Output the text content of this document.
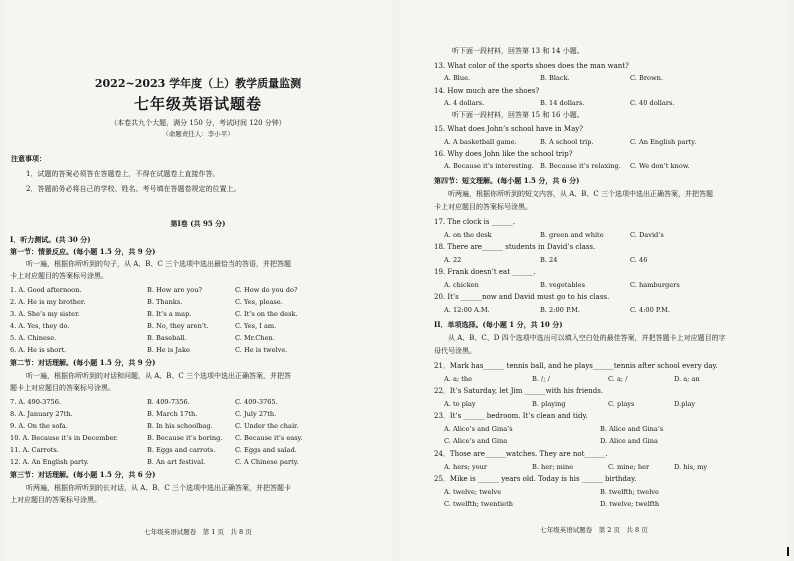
2022~2023 学年度（上）教学质量监测
七年级英语试题卷
（本卷共九个大题，满分 150 分，考试时间 120 分钟）
（命题责任人：李小平）
注意事项：
1．试题的答案必须答在答题卷上，不得在试题卷上直接作答。
2．答题前务必将自己的学校、姓名、考号填在答题卷规定的位置上。
第Ⅰ卷 (共 95 分)
I．听力测试。(共 30 分)
第一节：情景反应。(每小题 1.5 分，共 9 分)
听一遍，根据你所听到的句子，从 A、B、C 三个选项中选出最恰当的答语，并把答题
卡上对应题目的答案标号涂黑。
1. A. Good afternoon.	B. How are you?	C. How do you do?
2. A. He is my brother.	B. Thanks.	C. Yes, please.
3. A. She’s my sister.	B. It’s a map.	C. It’s on the desk.
4. A. Yes, they do.	B. No, they aren’t.	C. Yes, I am.
5. A. Chinese.	B. Baseball.	C. Mr.Chen.
6. A. He is short.	B. He is Jake	C. He is twelve.
第二节：对话理解。(每小题 1.5 分，共 9 分)
听一遍，根据你所听到的对话和问题，从 A、B、C 三个选项中选出正确答案，并把答
题卡上对应题目的答案标号涂黑。
7. A. 490-3756.	B. 409-7356.	C. 409-3765.
8. A. January 27th.	B. March 17th.	C. July 27th.
9. A. On the sofa.	B. In his schoolbag.	C. Under the chair.
10. A. Because it’s in December.	B. Because it’s boring. C. Because it’s easy.
11. A. Carrots.	B. Eggs and carrots.	C. Eggs and salad.
12. A. An English party.	B. An art festival.	C. A Chinese party.
第三节：对话理解。(每小题 1.5 分，共 6 分)
听两遍，根据你所听到的长对话，从 A、B、C 三个选项中选出正确答案，并把答题卡
上对应题目的答案标号涂黑。
七年级英语试题卷　第 1 页　共 8 页
听下面一段材料，回答第 13 和 14 小题。
13. What color of the sports shoes does the man want?
A. Blue.	B. Black.	C. Brown.
14. How much are the shoes?
A. 4 dollars.	B. 14 dollars.	C. 40 dollars.
听下面一段材料，回答第 15 和 16 小题。
15. What does John’s school have in May?
A. A basketball game.	B. A school trip.	C. An English party.
16. Why does John like the school trip?
A. Because it’s interesting. B. Because it’s relaxing. C. We don’t know.
第四节：短文理解。(每小题 1.5 分，共 6 分)
听两遍，根据你所听到的短文内容，从 A、B、C 三个选项中选出正确答案，并把答题
卡上对应题目的答案标号涂黑。
17. The clock is ______.
A. on the desk	B. green and white	C. David’s
18. There are______ students in David’s class.
A. 22	B. 24	C. 46
19. Frank doesn’t eat ______.
A. chicken	B. vegetables	C. hamburgers
20. It’s ______now and David must go to his class.
A. 12:00 A.M.	B. 2:00 P.M.	C. 4:00 P.M.
II．单项选择。(每小题 1 分，共 10 分)
从 A、B、C、D 四个选项中选出可以填入空白处的最佳答案，并把答题卡上对应题目的字
母代号涂黑。
21．Mark has______ tennis ball, and he plays______tennis after school every day.
A. a; the	B. /; /	C. a; /	D. a; an
22．It’s Saturday, let Jim ______with his friends.
A. to play	B. playing	C. plays	D.play
23．It’s ______ bedroom. It’s clean and tidy.
A. Alice’s and Gina’s	B. Alice and Gina’s
C. Alice’s and Gina	D. Alice and Gina
24．Those are______watches. They are not______.
A. hers; your	B. her; mine	C. mine; her	D. his, my
25．Mike is ______ years old. Today is his ______ birthday.
A. twelve; twelve	B. twelfth; twelve
C. twelfth; twentieth	D. twelve; twelfth
七年级英语试题卷　第 2 页　共 8 页
